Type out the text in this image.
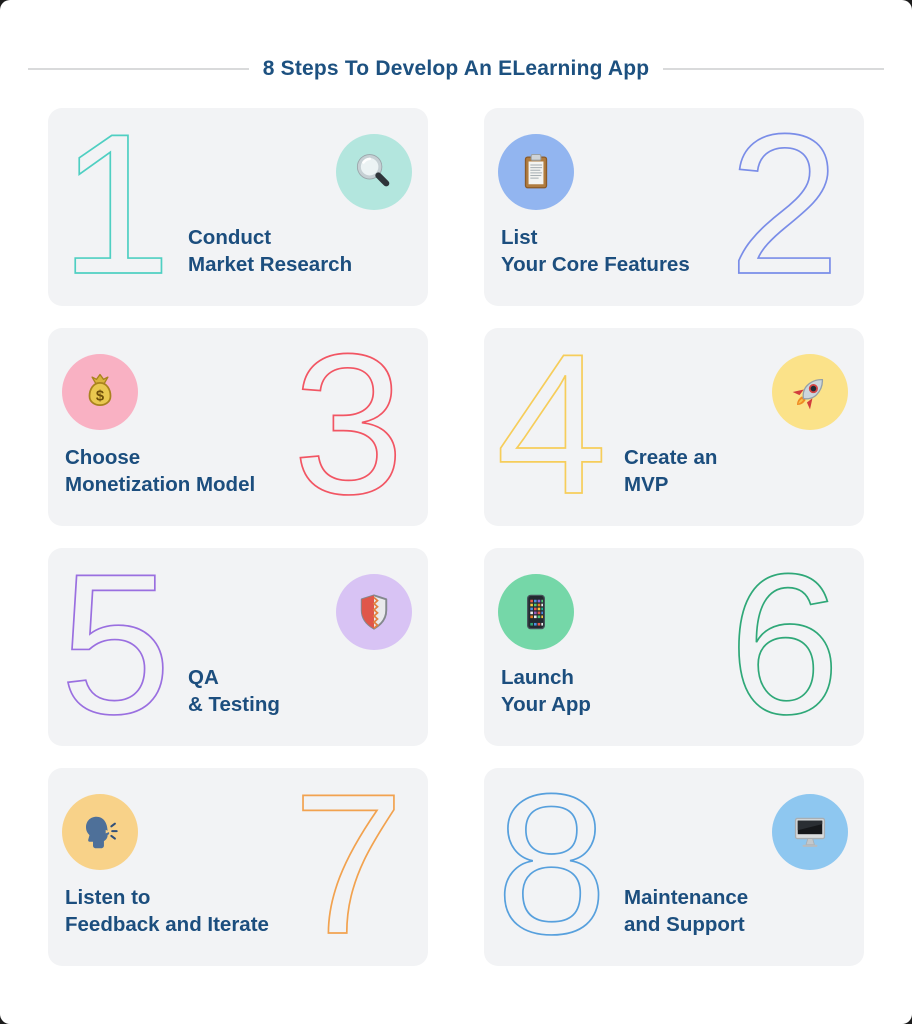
8 Steps To Develop An ELearning App
1 Conduct
Market Research 2
List
Your Core Features
3
$
Choose
Monetization Model 4 Create an
MVP
5 QA
& Testing 6
Launch
Your App
7
Listen to
Feedback and Iterate 8 Maintenance
and Support
